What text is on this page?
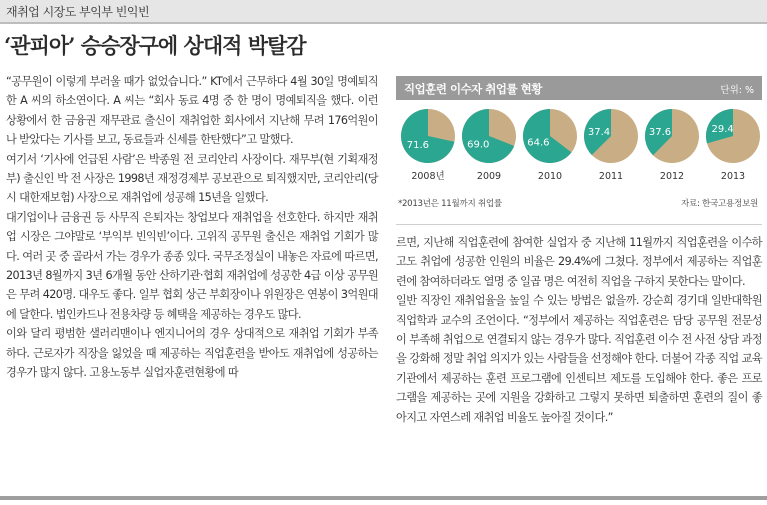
재취업 시장도 부익부 빈익빈
‘관피아’ 승승장구에 상대적 박탈감

“공무원이 이렇게 부러울 때가 없었습니다.” KT에서 근무하다 4월 30일 명예퇴직한 A 씨의 하소연이다. A 씨는 “회사 동료 4명 중 한 명이 명예퇴직을 했다. 이런 상황에서 한 금융권 재무관료 출신이 재취업한 회사에서 지난해 무려 176억원이나 받았다는 기사를 보고, 동료들과 신세를 한탄했다”고 말했다.

여기서 ‘기사에 언급된 사람’은 박종원 전 코리안리 사장이다. 재무부(현 기획재정부) 출신인 박 전 사장은 1998년 재정경제부 공보관으로 퇴직했지만, 코리안리(당시 대한재보험) 사장으로 재취업에 성공해 15년을 일했다.

대기업이나 금융권 등 사무직 은퇴자는 창업보다 재취업을 선호한다. 하지만 재취업 시장은 그야말로 ‘부익부 빈익빈’이다. 고위직 공무원 출신은 재취업 기회가 많다. 여러 곳 중 골라서 가는 경우가 종종 있다. 국무조정실이 내놓은 자료에 따르면, 2013년 8월까지 3년 6개월 동안 산하기관·협회 재취업에 성공한 4급 이상 공무원은 무려 420명. 대우도 좋다. 일부 협회 상근 부회장이나 위원장은 연봉이 3억원대에 달한다. 법인카드나 전용차량 등 혜택을 제공하는 경우도 많다.

이와 달리 평범한 샐러리맨이나 엔지니어의 경우 상대적으로 재취업 기회가 부족하다. 근로자가 직장을 잃었을 때 제공하는 직업훈련을 받아도 재취업에 성공하는 경우가 많지 않다. 고용노동부 실업자훈련현황에 따

직업훈련 이수자 취업률 현황	단위: %
71.6
2008년
69.0
2009
64.6
2010
37.4
2011
37.6
2012
29.4
2013
*2013년은 11월까지 취업률	자료: 한국고용정보원

르면, 지난해 직업훈련에 참여한 실업자 중 지난해 11월까지 직업훈련을 이수하고도 취업에 성공한 인원의 비율은 29.4%에 그쳤다. 정부에서 제공하는 직업훈련에 참여하더라도 열명 중 일곱 명은 여전히 직업을 구하지 못한다는 말이다.

일반 직장인 재취업율을 높일 수 있는 방법은 없을까. 강순희 경기대 일반대학원 직업학과 교수의 조언이다. “정부에서 제공하는 직업훈련은 담당 공무원 전문성이 부족해 취업으로 연결되지 않는 경우가 많다. 직업훈련 이수 전 사전 상담 과정을 강화해 정말 취업 의지가 있는 사람들을 선정해야 한다. 더불어 각종 직업 교육 기관에서 제공하는 훈련 프로그램에 인센티브 제도를 도입해야 한다. 좋은 프로그램을 제공하는 곳에 지원을 강화하고 그렇지 못하면 퇴출하면 훈련의 질이 좋아지고 자연스레 재취업 비율도 높아질 것이다.”
